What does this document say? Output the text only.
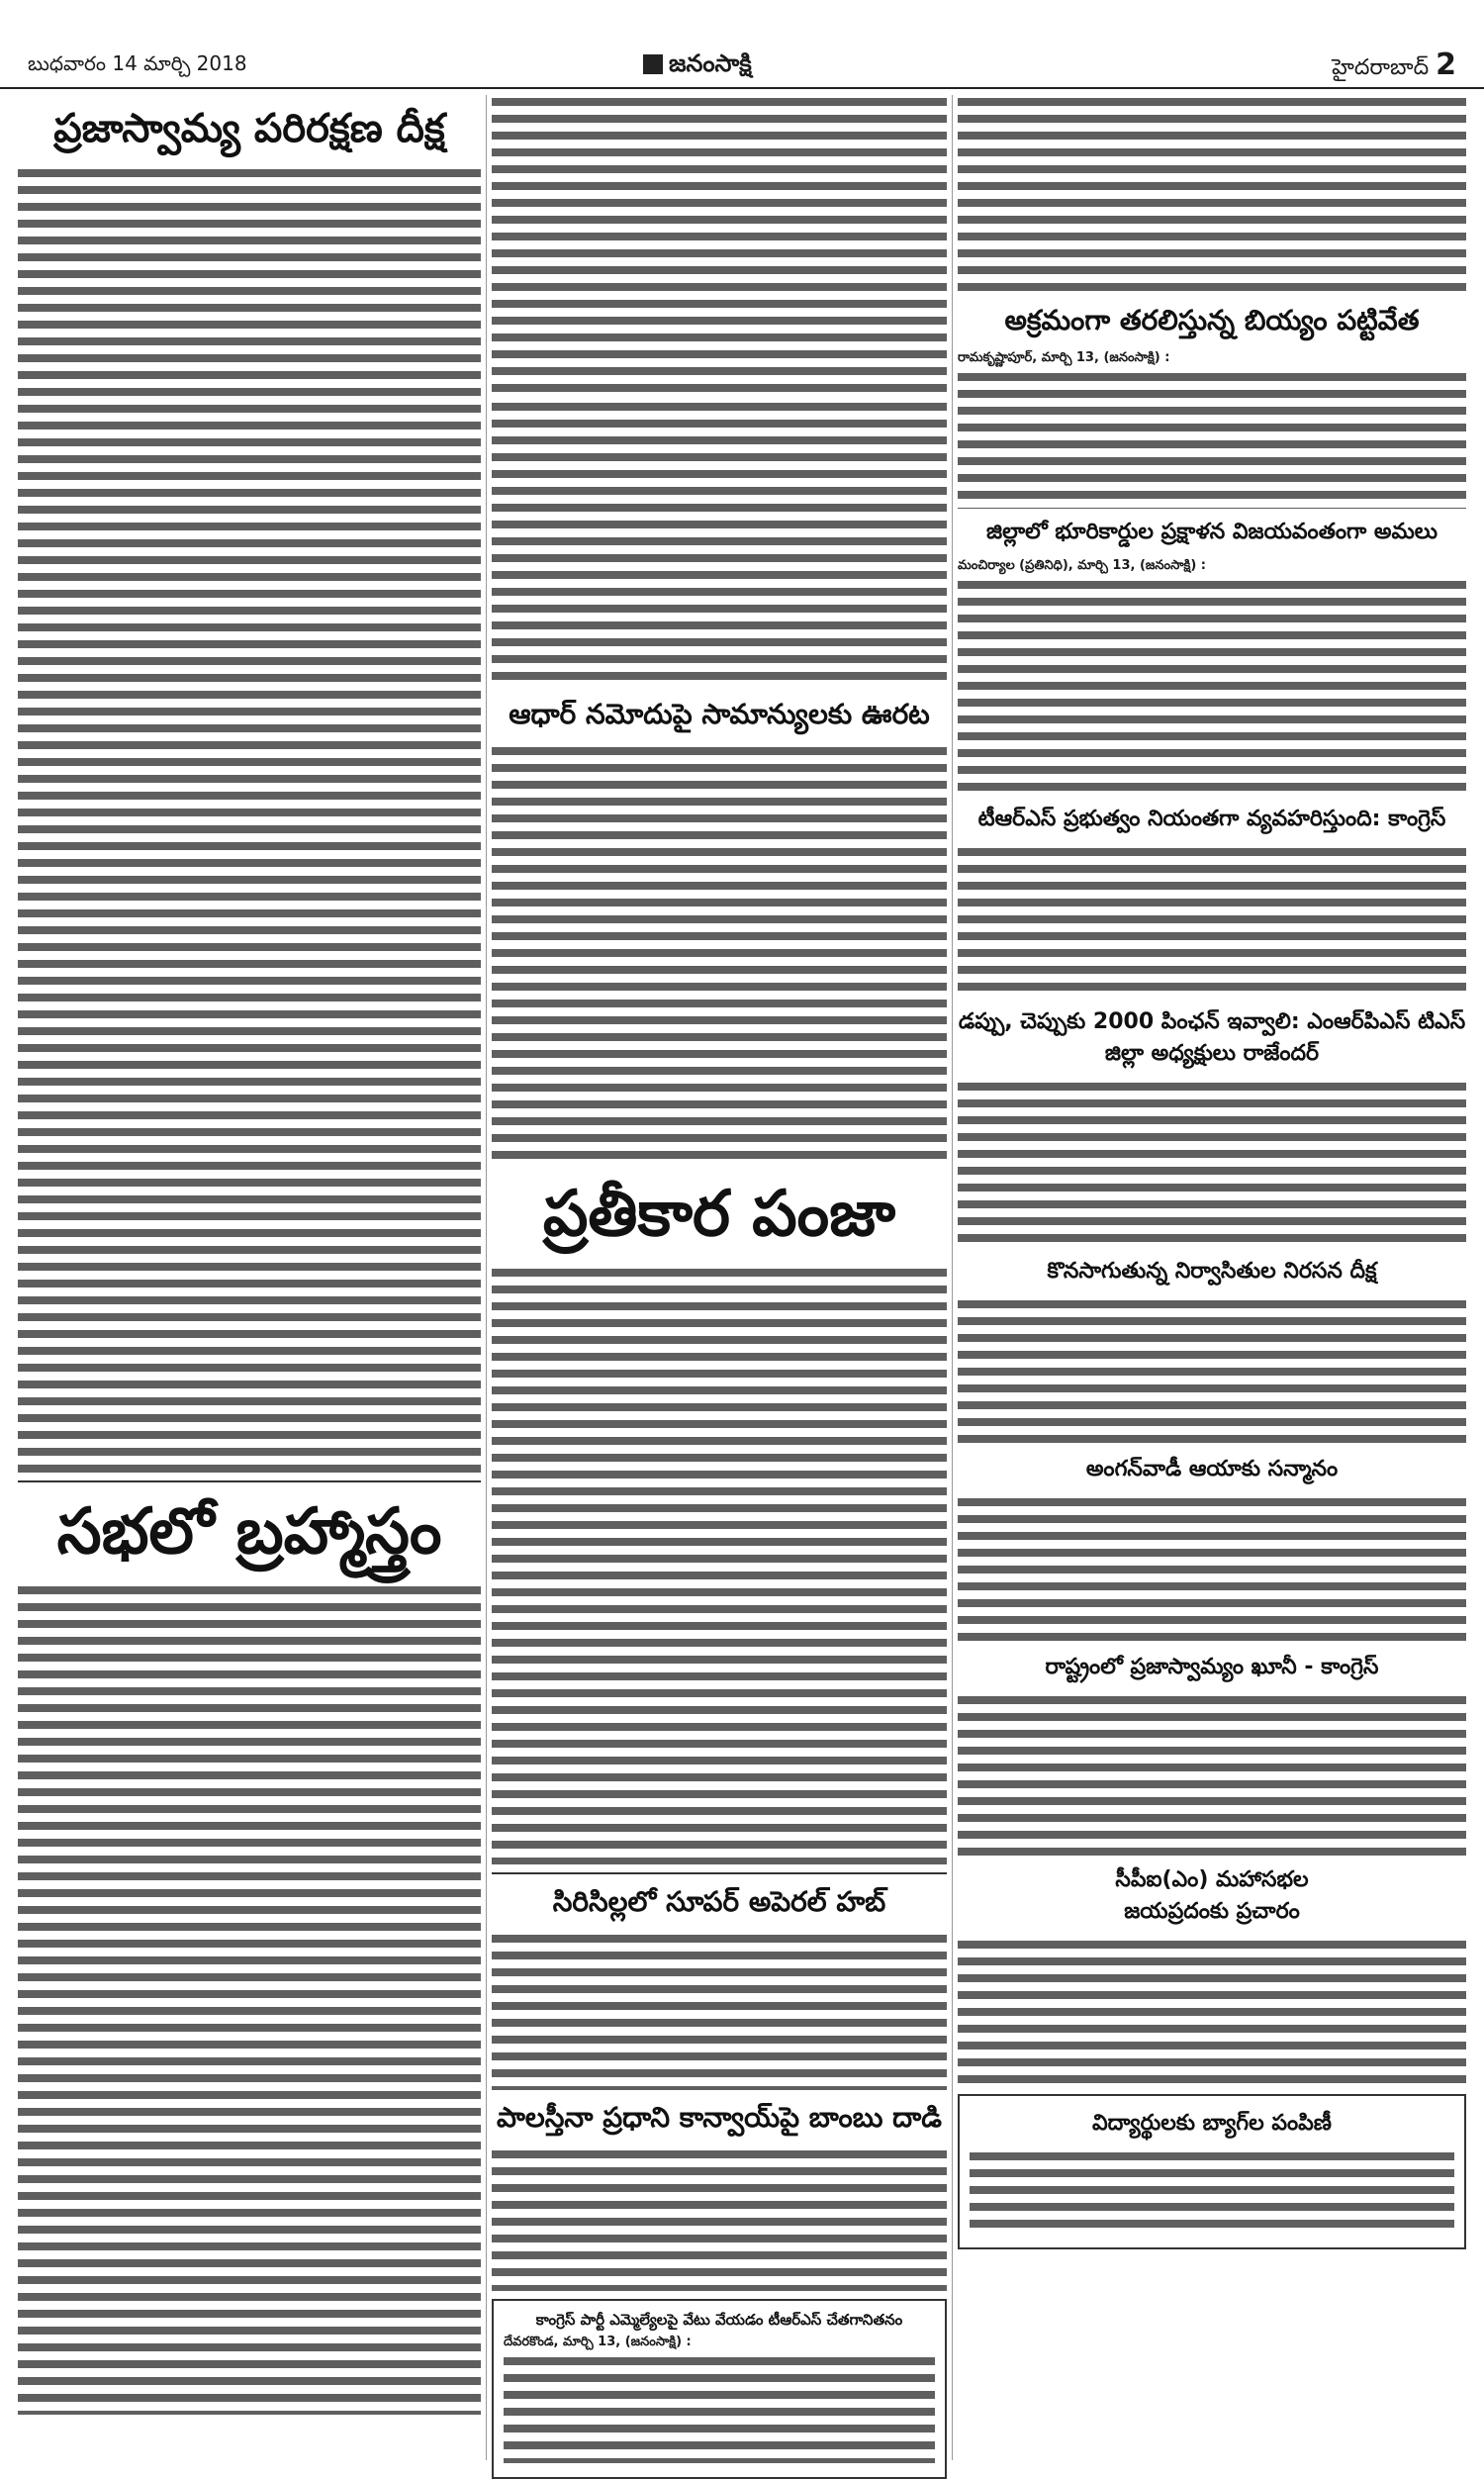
బుధవారం 14 మార్చి 2018	జనంసాక్షి	హైదరాబాద్ 2
ప్రజాస్వామ్య పరిరక్షణ దీక్ష
సభలో బ్రహ్మాస్త్రం
ఆధార్‌ నమోదుపై సామాన్యులకు ఊరట
ప్రతీకార పంజా
సిరిసిల్లలో సూపర్‌ అపెరల్‌ హబ్‌
పాలస్తీనా ప్రధాని కాన్వాయ్‌పై బాంబు దాడి
కాంగ్రెస్‌ పార్టీ ఎమ్మెల్యేలపై వేటు వేయడం టీఆర్‌ఎస్‌ చేతగానితనం
దేవరకొండ, మార్చి 13, (జనంసాక్షి) :
అక్రమంగా తరలిస్తున్న బియ్యం పట్టివేత
రామకృష్ణాపూర్‌, మార్చి 13, (జనంసాక్షి) :
జిల్లాలో భూరికార్డుల ప్రక్షాళన విజయవంతంగా అమలు
మంచిర్యాల (ప్రతినిధి), మార్చి 13, (జనంసాక్షి) :
టీఆర్‌ఎస్‌ ప్రభుత్వం నియంతగా వ్యవహరిస్తుంది: కాంగ్రెస్‌
డప్పు, చెప్పుకు 2000 పింఛన్‌ ఇవ్వాలి: ఎంఆర్‌పిఎస్‌ టిఎస్‌ జిల్లా అధ్యక్షులు రాజేందర్‌
కొనసాగుతున్న నిర్వాసితుల నిరసన దీక్ష
అంగన్‌వాడీ ఆయాకు సన్మానం
రాష్ట్రంలో ప్రజాస్వామ్యం ఖూనీ - కాంగ్రెస్‌
సీపీఐ(ఎం) మహాసభల
జయప్రదంకు ప్రచారం
విద్యార్థులకు బ్యాగ్‌ల పంపిణీ
